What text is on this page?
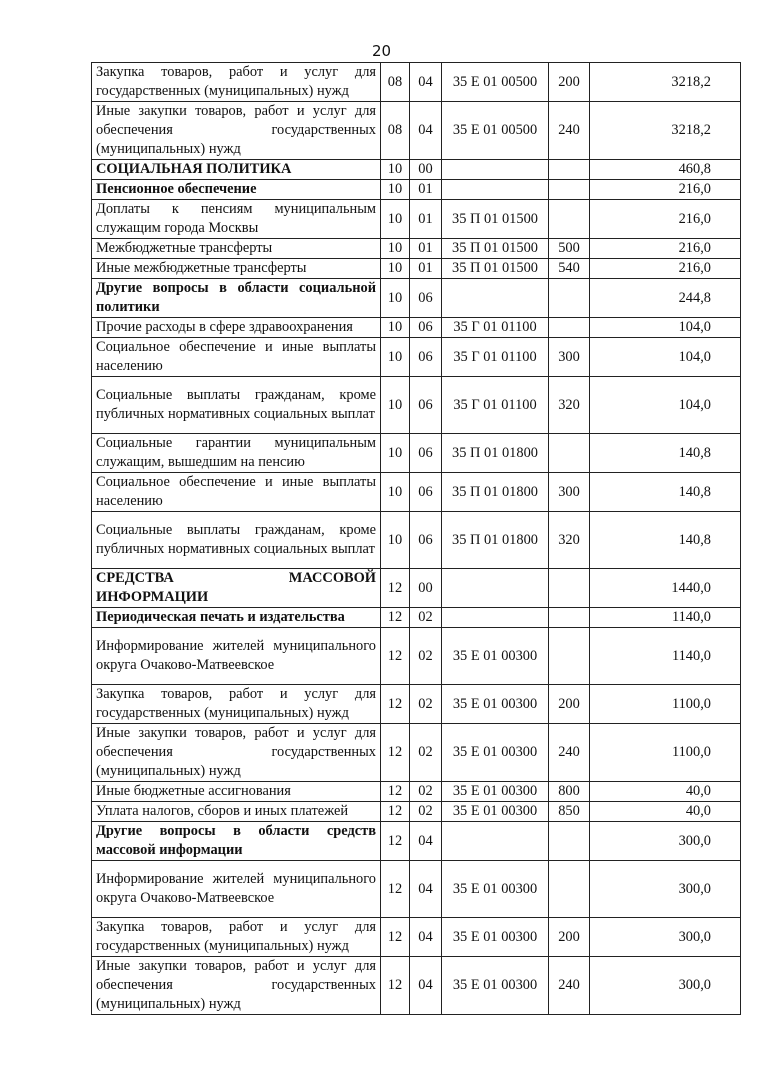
20
Закупка товаров, работ и услуг для государственных (муниципальных) нужд	08	04	35 Е 01 00500	200	3218,2
Иные закупки товаров, работ и услуг для обеспечения государственных (муниципальных) нужд	08	04	35 Е 01 00500	240	3218,2
СОЦИАЛЬНАЯ ПОЛИТИКА	10	00			460,8
Пенсионное обеспечение	10	01			216,0
Доплаты к пенсиям муниципальным служащим города Москвы	10	01	35 П 01 01500		216,0
Межбюджетные трансферты	10	01	35 П 01 01500	500	216,0
Иные межбюджетные трансферты	10	01	35 П 01 01500	540	216,0
Другие вопросы в области социальной политики	10	06			244,8
Прочие расходы в сфере здравоохранения	10	06	35 Г 01 01100		104,0
Социальное обеспечение и иные выплаты населению	10	06	35 Г 01 01100	300	104,0
Социальные выплаты гражданам, кроме публичных нормативных социальных выплат	10	06	35 Г 01 01100	320	104,0
Социальные гарантии муниципальным служащим, вышедшим на пенсию	10	06	35 П 01 01800		140,8
Социальное обеспечение и иные выплаты населению	10	06	35 П 01 01800	300	140,8
Социальные выплаты гражданам, кроме публичных нормативных социальных выплат	10	06	35 П 01 01800	320	140,8
СРЕДСТВА МАССОВОЙ ИНФОРМАЦИИ	12	00			1440,0
Периодическая печать и издательства	12	02			1140,0
Информирование жителей муниципального округа Очаково-Матвеевское	12	02	35 Е 01 00300		1140,0
Закупка товаров, работ и услуг для государственных (муниципальных) нужд	12	02	35 Е 01 00300	200	1100,0
Иные закупки товаров, работ и услуг для обеспечения государственных (муниципальных) нужд	12	02	35 Е 01 00300	240	1100,0
Иные бюджетные ассигнования	12	02	35 Е 01 00300	800	40,0
Уплата налогов, сборов и иных платежей	12	02	35 Е 01 00300	850	40,0
Другие вопросы в области средств массовой информации	12	04			300,0
Информирование жителей муниципального округа Очаково-Матвеевское	12	04	35 Е 01 00300		300,0
Закупка товаров, работ и услуг для государственных (муниципальных) нужд	12	04	35 Е 01 00300	200	300,0
Иные закупки товаров, работ и услуг для обеспечения государственных (муниципальных) нужд	12	04	35 Е 01 00300	240	300,0
